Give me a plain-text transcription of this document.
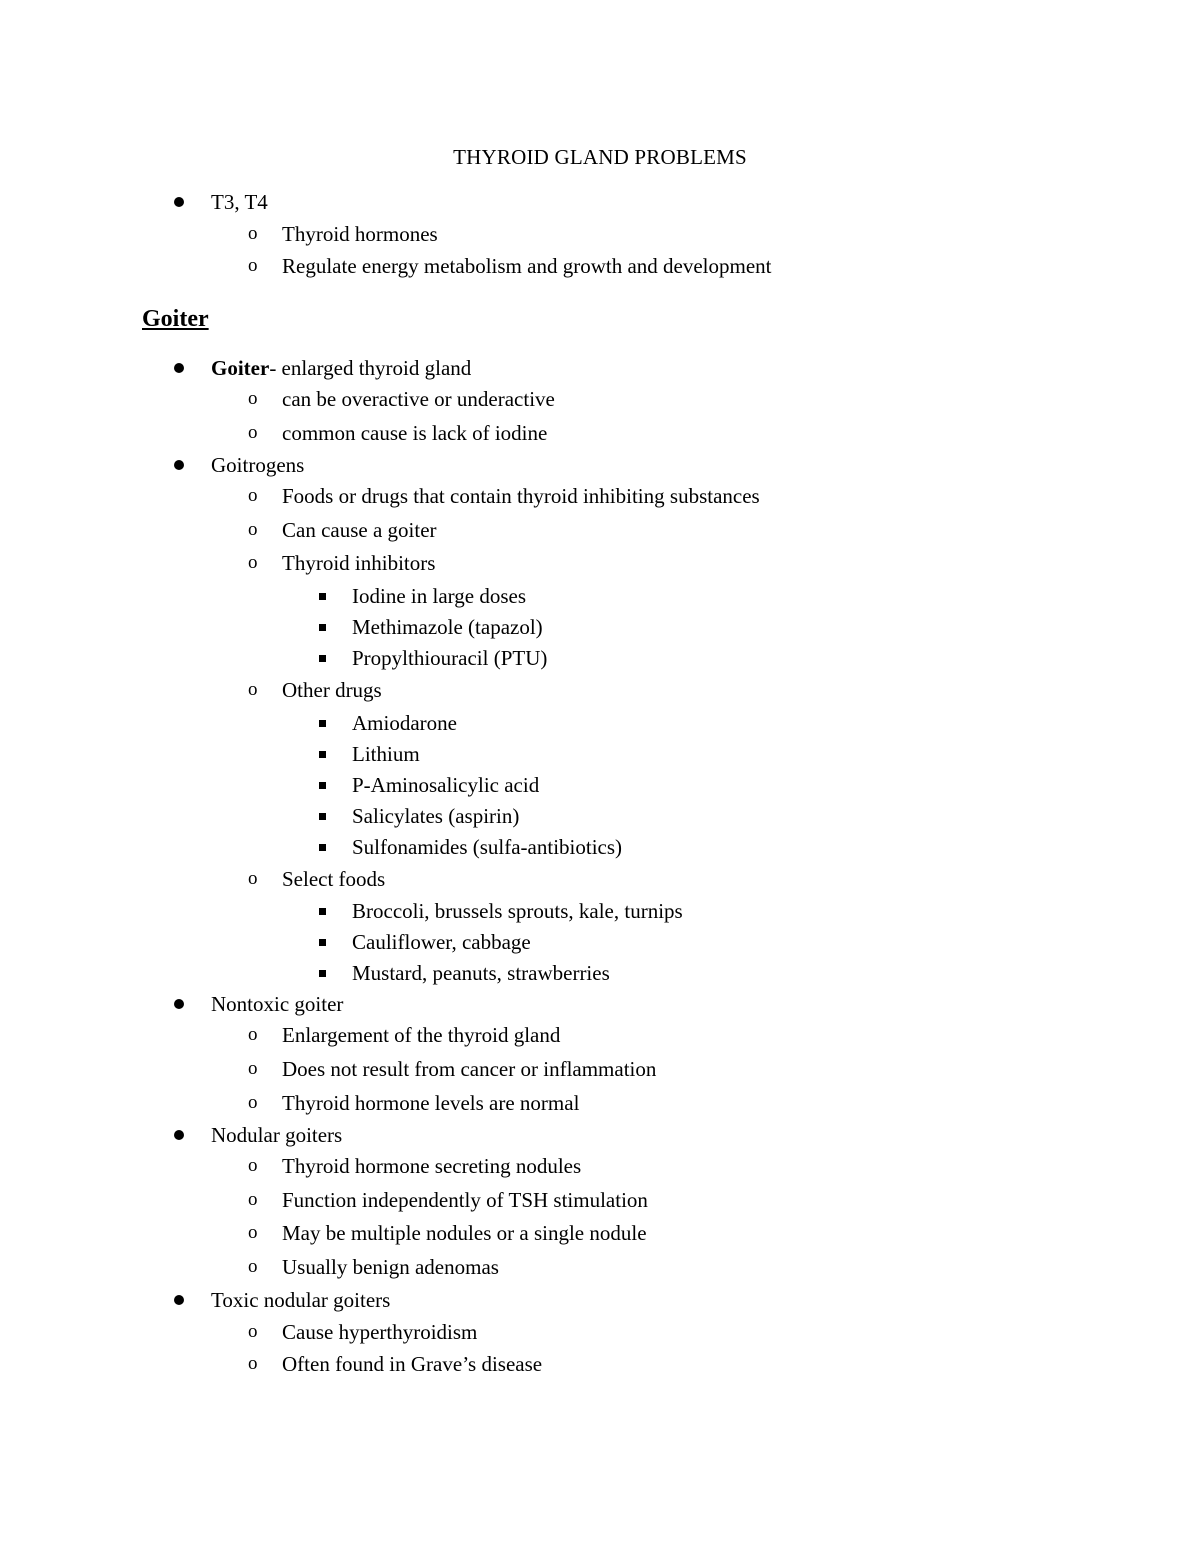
THYROID GLAND PROBLEMS
T3, T4
o	Thyroid hormones
o	Regulate energy metabolism and growth and development
Goiter
Goiter- enlarged thyroid gland
o	can be overactive or underactive
o	common cause is lack of iodine
Goitrogens
o	Foods or drugs that contain thyroid inhibiting substances
o	Can cause a goiter
o	Thyroid inhibitors
Iodine in large doses
Methimazole (tapazol)
Propylthiouracil (PTU)
o	Other drugs
Amiodarone
Lithium
P-Aminosalicylic acid
Salicylates (aspirin)
Sulfonamides (sulfa-antibiotics)
o	Select foods
Broccoli, brussels sprouts, kale, turnips
Cauliflower, cabbage
Mustard, peanuts, strawberries
Nontoxic goiter
o	Enlargement of the thyroid gland
o	Does not result from cancer or inflammation
o	Thyroid hormone levels are normal
Nodular goiters
o	Thyroid hormone secreting nodules
o	Function independently of TSH stimulation
o	May be multiple nodules or a single nodule
o	Usually benign adenomas
Toxic nodular goiters
o	Cause hyperthyroidism
o	Often found in Grave’s disease
